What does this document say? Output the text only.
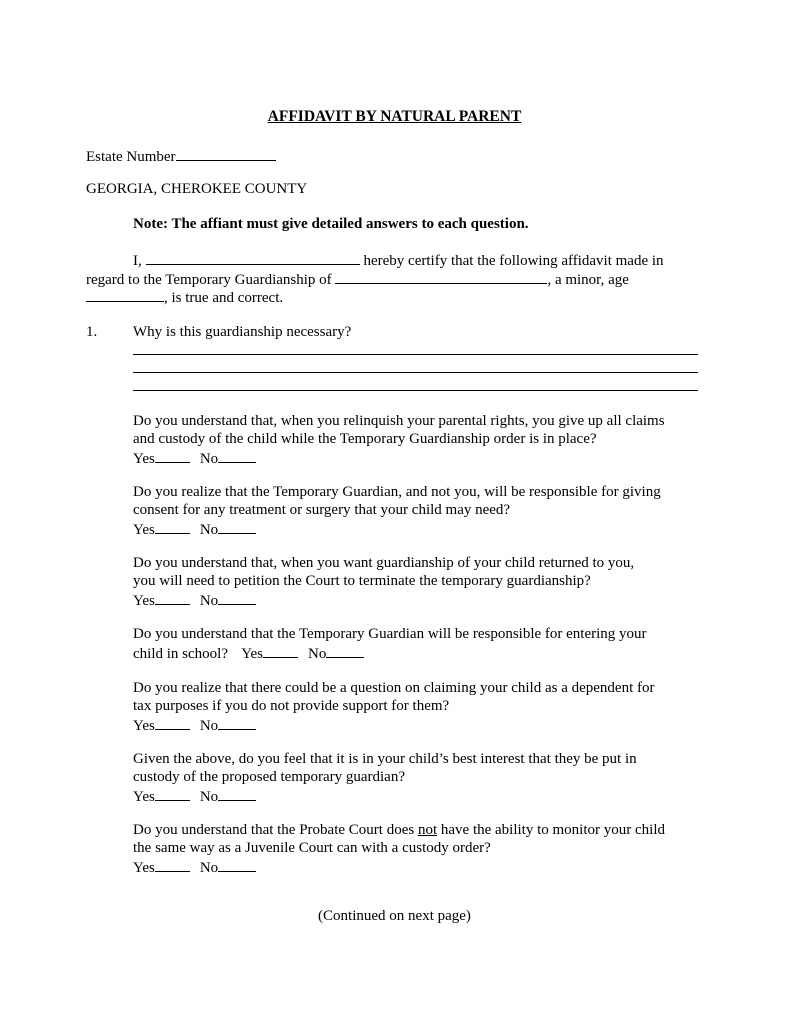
AFFIDAVIT BY NATURAL PARENT
Estate Number
GEORGIA, CHEROKEE COUNTY
Note: The affiant must give detailed answers to each question.
I,	hereby certify that the following affidavit made in
regard to the Temporary Guardianship of	, a minor, age
, is true and correct.
1. Why is this guardianship necessary?
Do you understand that, when you relinquish your parental rights, you give up all claims
and custody of the child while the Temporary Guardianship order is in place?
Yes	No
Do you realize that the Temporary Guardian, and not you, will be responsible for giving
consent for any treatment or surgery that your child may need?
Yes	No
Do you understand that, when you want guardianship of your child returned to you,
you will need to petition the Court to terminate the temporary guardianship?
Yes	No
Do you understand that the Temporary Guardian will be responsible for entering your
child in school? Yes	No
Do you realize that there could be a question on claiming your child as a dependent for
tax purposes if you do not provide support for them?
Yes	No
Given the above, do you feel that it is in your child’s best interest that they be put in
custody of the proposed temporary guardian?
Yes	No
Do you understand that the Probate Court does not have the ability to monitor your child
the same way as a Juvenile Court can with a custody order?
Yes	No
(Continued on next page)
